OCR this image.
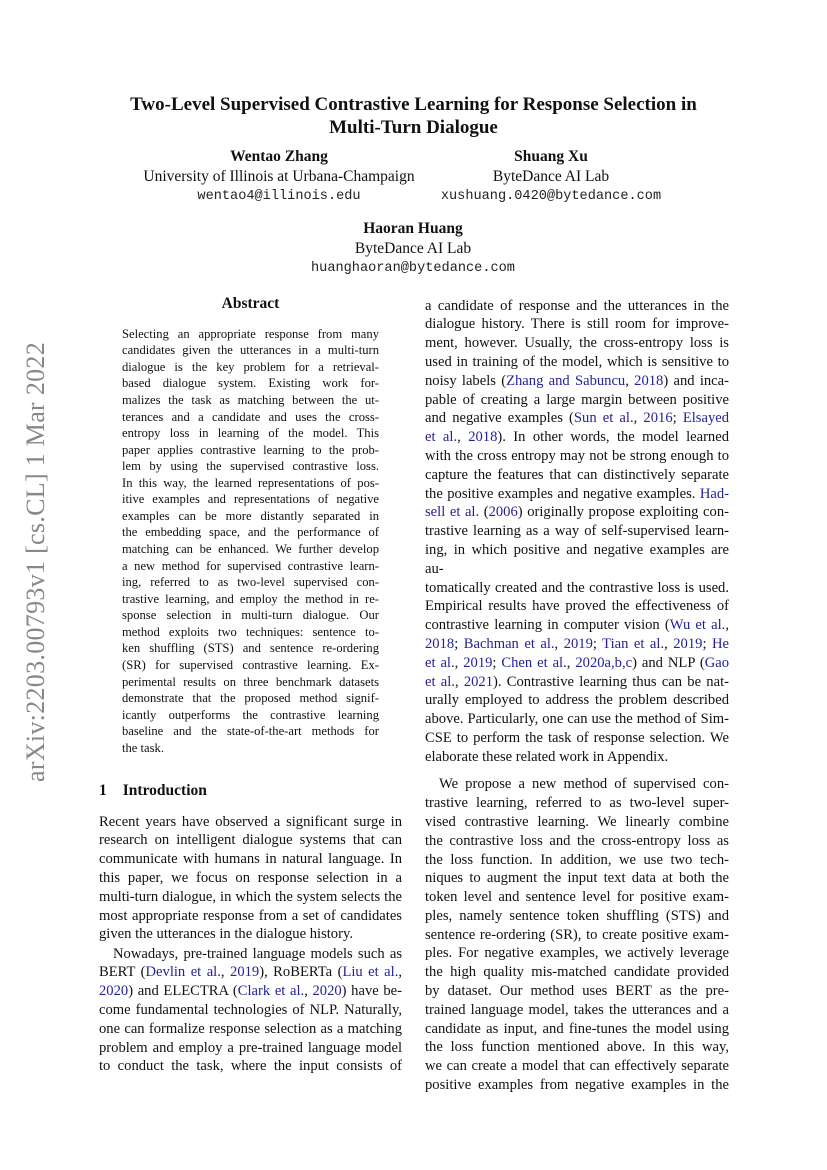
arXiv:2203.00793v1 [cs.CL] 1 Mar 2022
Two-Level Supervised Contrastive Learning for Response Selection in
Multi-Turn Dialogue
Wentao Zhang
University of Illinois at Urbana-Champaign
wentao4@illinois.edu
Shuang Xu
ByteDance AI Lab
xushuang.0420@bytedance.com
Haoran Huang
ByteDance AI Lab
huanghaoran@bytedance.com
Abstract
Selecting an appropriate response from many
candidates given the utterances in a multi-turn
dialogue is the key problem for a retrieval-
based dialogue system. Existing work for-
malizes the task as matching between the ut-
terances and a candidate and uses the cross-
entropy loss in learning of the model. This
paper applies contrastive learning to the prob-
lem by using the supervised contrastive loss.
In this way, the learned representations of pos-
itive examples and representations of negative
examples can be more distantly separated in
the embedding space, and the performance of
matching can be enhanced. We further develop
a new method for supervised contrastive learn-
ing, referred to as two-level supervised con-
trastive learning, and employ the method in re-
sponse selection in multi-turn dialogue. Our
method exploits two techniques: sentence to-
ken shuffling (STS) and sentence re-ordering
(SR) for supervised contrastive learning. Ex-
perimental results on three benchmark datasets
demonstrate that the proposed method signif-
icantly outperforms the contrastive learning
baseline and the state-of-the-art methods for
the task.
1 Introduction
Recent years have observed a significant surge in
research on intelligent dialogue systems that can
communicate with humans in natural language. In
this paper, we focus on response selection in a
multi-turn dialogue, in which the system selects the
most appropriate response from a set of candidates
given the utterances in the dialogue history.
Nowadays, pre-trained language models such as
BERT (Devlin et al., 2019), RoBERTa (Liu et al.,
2020) and ELECTRA (Clark et al., 2020) have be-
come fundamental technologies of NLP. Naturally,
one can formalize response selection as a matching
problem and employ a pre-trained language model
to conduct the task, where the input consists of
a candidate of response and the utterances in the
dialogue history. There is still room for improve-
ment, however. Usually, the cross-entropy loss is
used in training of the model, which is sensitive to
noisy labels (Zhang and Sabuncu, 2018) and inca-
pable of creating a large margin between positive
and negative examples (Sun et al., 2016; Elsayed
et al., 2018). In other words, the model learned
with the cross entropy may not be strong enough to
capture the features that can distinctively separate
the positive examples and negative examples. Had-
sell et al. (2006) originally propose exploiting con-
trastive learning as a way of self-supervised learn-
ing, in which positive and negative examples are au-
tomatically created and the contrastive loss is used.
Empirical results have proved the effectiveness of
contrastive learning in computer vision (Wu et al.,
2018; Bachman et al., 2019; Tian et al., 2019; He
et al., 2019; Chen et al., 2020a,b,c) and NLP (Gao
et al., 2021). Contrastive learning thus can be nat-
urally employed to address the problem described
above. Particularly, one can use the method of Sim-
CSE to perform the task of response selection. We
elaborate these related work in Appendix.
We propose a new method of supervised con-
trastive learning, referred to as two-level super-
vised contrastive learning. We linearly combine
the contrastive loss and the cross-entropy loss as
the loss function. In addition, we use two tech-
niques to augment the input text data at both the
token level and sentence level for positive exam-
ples, namely sentence token shuffling (STS) and
sentence re-ordering (SR), to create positive exam-
ples. For negative examples, we actively leverage
the high quality mis-matched candidate provided
by dataset. Our method uses BERT as the pre-
trained language model, takes the utterances and a
candidate as input, and fine-tunes the model using
the loss function mentioned above. In this way,
we can create a model that can effectively separate
positive examples from negative examples in the
